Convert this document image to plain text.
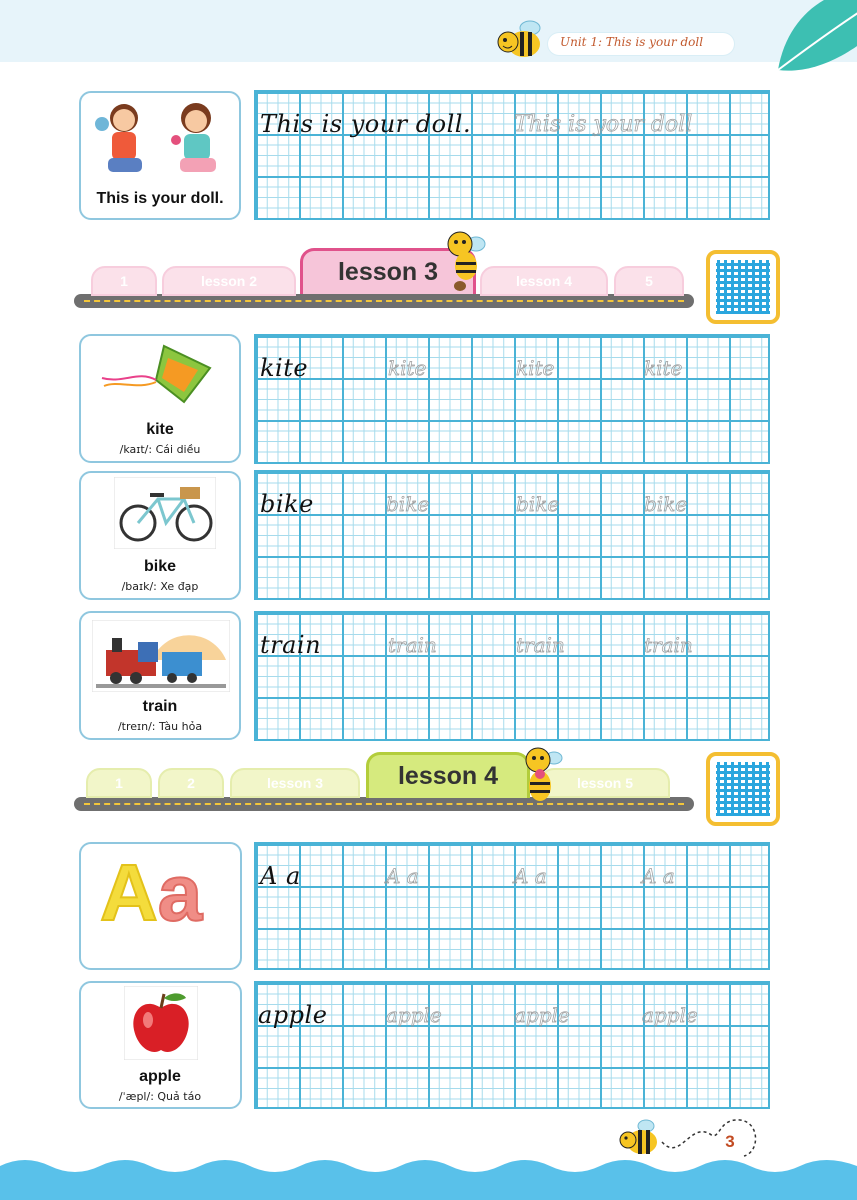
Unit 1: This is your doll
This is your doll.
This is your doll. This is your doll
1	lesson 2	lesson 3	lesson 4	5
kite
/kaɪt/: Cái diều
kite	kite	kite	kite
bike
/baɪk/: Xe đạp
bike	bike	bike	bike
train
/treɪn/: Tàu hỏa
train	train	train	train
1	2	lesson 3	lesson 4	lesson 5
Aa	A a	A a	A a	A a
apple
/ˈæpl/: Quả táo
apple	apple	apple	apple
3
